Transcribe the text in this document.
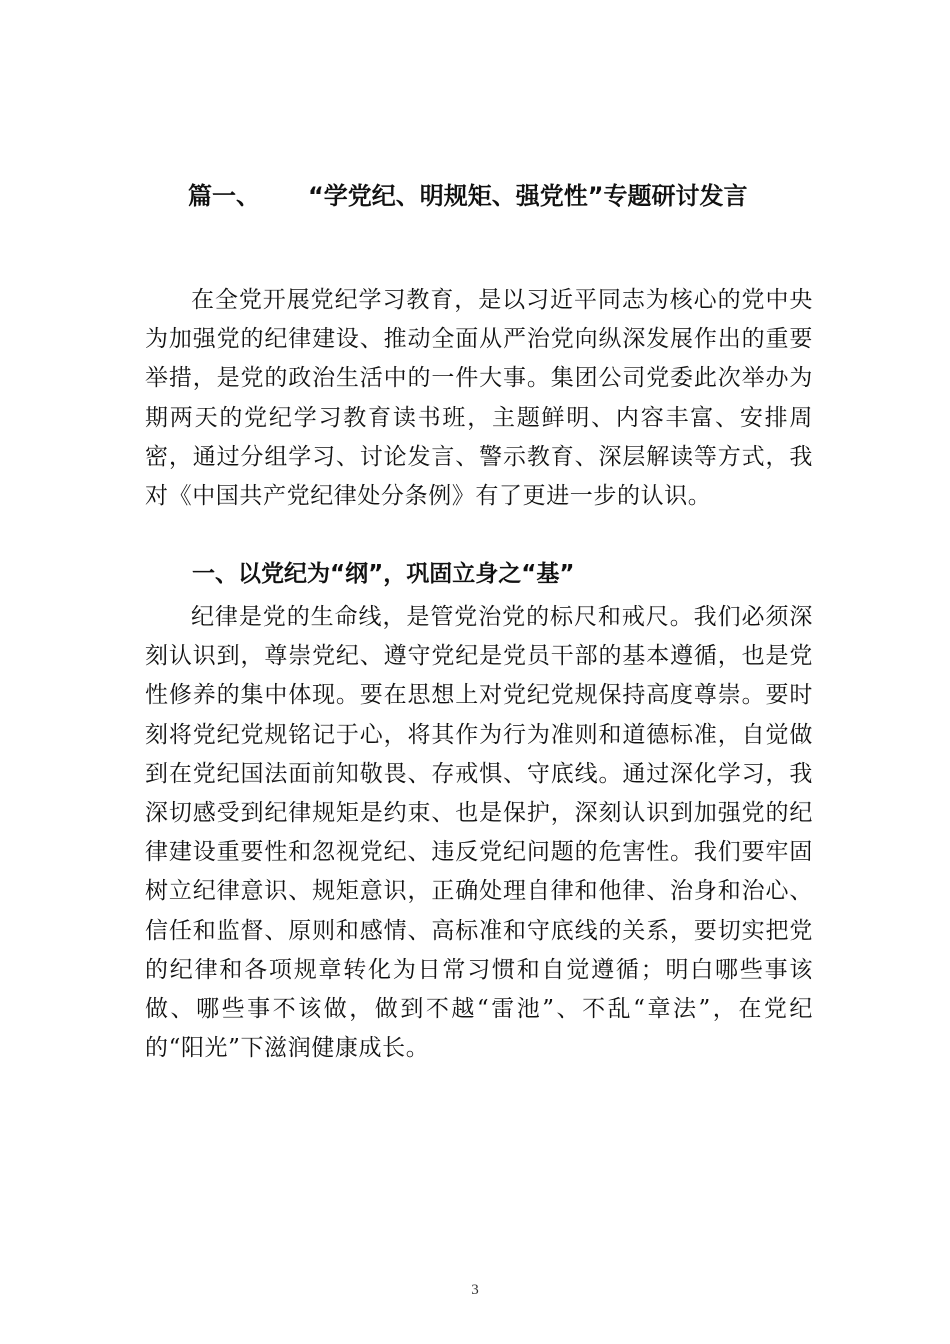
篇一、 “学党纪、明规矩、强党性”专题研讨发言

在全党开展党纪学习教育，是以习近平同志为核心的党中央为加强党的纪律建设、推动全面从严治党向纵深发展作出的重要举措，是党的政治生活中的一件大事。集团公司党委此次举办为期两天的党纪学习教育读书班，主题鲜明、内容丰富、安排周密，通过分组学习、讨论发言、警示教育、深层解读等方式，我对《中国共产党纪律处分条例》有了更进一步的认识。

一、以党纪为“纲”，巩固立身之“基”

纪律是党的生命线，是管党治党的标尺和戒尺。我们必须深刻认识到，尊崇党纪、遵守党纪是党员干部的基本遵循，也是党性修养的集中体现。要在思想上对党纪党规保持高度尊崇。要时刻将党纪党规铭记于心，将其作为行为准则和道德标准，自觉做到在党纪国法面前知敬畏、存戒惧、守底线。通过深化学习，我深切感受到纪律规矩是约束、也是保护，深刻认识到加强党的纪律建设重要性和忽视党纪、违反党纪问题的危害性。我们要牢固树立纪律意识、规矩意识，正确处理自律和他律、治身和治心、信任和监督、原则和感情、高标准和守底线的关系，要切实把党的纪律和各项规章转化为日常习惯和自觉遵循；明白哪些事该做、哪些事不该做，做到不越“雷池”、不乱“章法”，在党纪的“阳光”下滋润健康成长。

3
